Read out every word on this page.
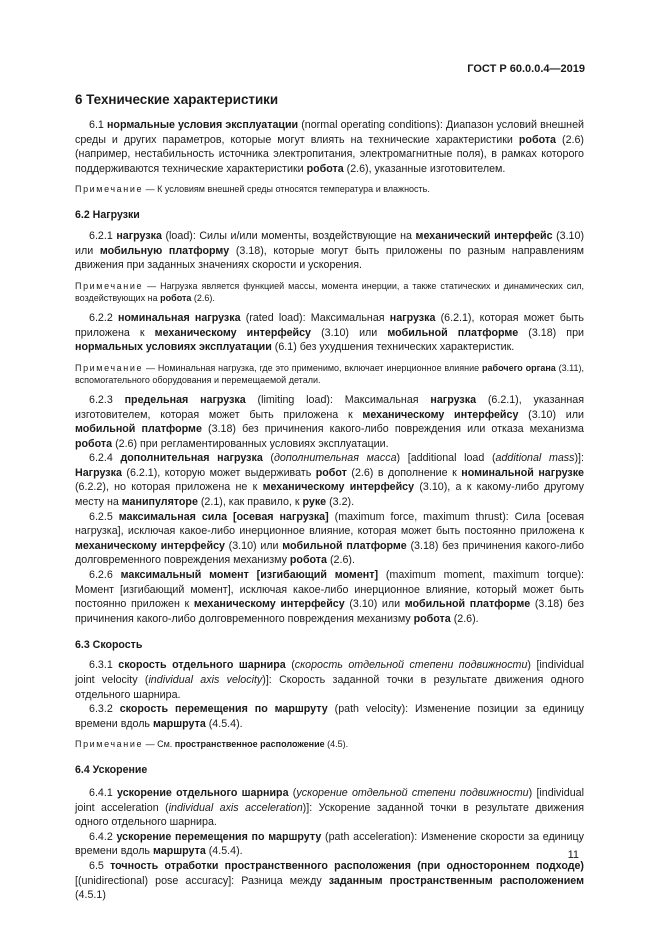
ГОСТ Р 60.0.0.4—2019
6 Технические характеристики

6.1 нормальные условия эксплуатации (normal operating conditions): Диапазон условий внешней среды и других параметров, которые могут влиять на технические характеристики робота (2.6) (например, нестабильность источника электропитания, электромагнитные поля), в рамках которого поддерживаются технические характеристики робота (2.6), указанные изготовителем.

Примечание — К условиям внешней среды относятся температура и влажность.

6.2 Нагрузки

6.2.1 нагрузка (load): Силы и/или моменты, воздействующие на механический интерфейс (3.10) или мобильную платформу (3.18), которые могут быть приложены по разным направлениям движения при заданных значениях скорости и ускорения.

Примечание — Нагрузка является функцией массы, момента инерции, а также статических и динамических сил, воздействующих на робота (2.6).

6.2.2 номинальная нагрузка (rated load): Максимальная нагрузка (6.2.1), которая может быть приложена к механическому интерфейсу (3.10) или мобильной платформе (3.18) при нормальных условиях эксплуатации (6.1) без ухудшения технических характеристик.

Примечание — Номинальная нагрузка, где это применимо, включает инерционное влияние рабочего органа (3.11), вспомогательного оборудования и перемещаемой детали.

6.2.3 предельная нагрузка (limiting load): Максимальная нагрузка (6.2.1), указанная изготовителем, которая может быть приложена к механическому интерфейсу (3.10) или мобильной платформе (3.18) без причинения какого-либо повреждения или отказа механизма робота (2.6) при регламентированных условиях эксплуатации.

6.2.4 дополнительная нагрузка (дополнительная масса) [additional load (additional mass)]: Нагрузка (6.2.1), которую может выдерживать робот (2.6) в дополнение к номинальной нагрузке (6.2.2), но которая приложена не к механическому интерфейсу (3.10), а к какому-либо другому месту на манипуляторе (2.1), как правило, к руке (3.2).

6.2.5 максимальная сила [осевая нагрузка] (maximum force, maximum thrust): Сила [осевая нагрузка], исключая какое-либо инерционное влияние, которая может быть постоянно приложена к механическому интерфейсу (3.10) или мобильной платформе (3.18) без причинения какого-либо долговременного повреждения механизму робота (2.6).

6.2.6 максимальный момент [изгибающий момент] (maximum moment, maximum torque): Момент [изгибающий момент], исключая какое-либо инерционное влияние, который может быть постоянно приложен к механическому интерфейсу (3.10) или мобильной платформе (3.18) без причинения какого-либо долговременного повреждения механизму робота (2.6).

6.3 Скорость

6.3.1 скорость отдельного шарнира (скорость отдельной степени подвижности) [individual joint velocity (individual axis velocity)]: Скорость заданной точки в результате движения одного отдельного шарнира.

6.3.2 скорость перемещения по маршруту (path velocity): Изменение позиции за единицу времени вдоль маршрута (4.5.4).

Примечание — См. пространственное расположение (4.5).

6.4 Ускорение

6.4.1 ускорение отдельного шарнира (ускорение отдельной степени подвижности) [individual joint acceleration (individual axis acceleration)]: Ускорение заданной точки в результате движения одного отдельного шарнира.

6.4.2 ускорение перемещения по маршруту (path acceleration): Изменение скорости за единицу времени вдоль маршрута (4.5.4).

6.5 точность отработки пространственного расположения (при одностороннем подходе) [(unidirectional) pose accuracy]: Разница между заданным пространственным расположением (4.5.1)

11
